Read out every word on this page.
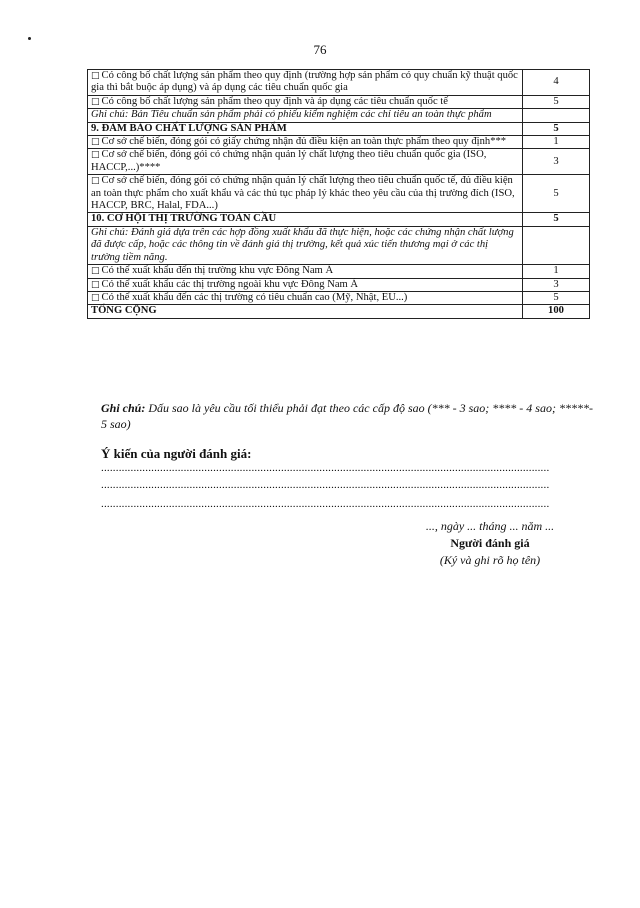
76
□ Có công bố chất lượng sản phẩm theo quy định (trường hợp sản phẩm có quy chuẩn kỹ thuật quốc gia thì bắt buộc áp dụng) và áp dụng các tiêu chuẩn quốc gia	4
□ Có công bố chất lượng sản phẩm theo quy định và áp dụng các tiêu chuẩn quốc tế	5
Ghi chú: Bản Tiêu chuẩn sản phẩm phải có phiếu kiểm nghiệm các chỉ tiêu an toàn thực phẩm	
9. ĐẢM BẢO CHẤT LƯỢNG SẢN PHẨM	5
□ Cơ sở chế biến, đóng gói có giấy chứng nhận đủ điều kiện an toàn thực phẩm theo quy định***	1
□ Cơ sở chế biến, đóng gói có chứng nhận quản lý chất lượng theo tiêu chuẩn quốc gia (ISO, HACCP,...)****	3
□ Cơ sở chế biến, đóng gói có chứng nhận quản lý chất lượng theo tiêu chuẩn quốc tế, đủ điều kiện an toàn thực phẩm cho xuất khẩu và các thủ tục pháp lý khác theo yêu cầu của thị trường đích (ISO, HACCP, BRC, Halal, FDA...)	5
10. CƠ HỘI THỊ TRƯỜNG TOÀN CẦU	5
Ghi chú: Đánh giá dựa trên các hợp đồng xuất khẩu đã thực hiện, hoặc các chứng nhận chất lượng đã được cấp, hoặc các thông tin về đánh giá thị trường, kết quả xúc tiến thương mại ở các thị trường tiềm năng.	
□ Có thể xuất khẩu đến thị trường khu vực Đông Nam Á	1
□ Có thể xuất khẩu các thị trường ngoài khu vực Đông Nam Á	3
□ Có thể xuất khẩu đến các thị trường có tiêu chuẩn cao (Mỹ, Nhật, EU...)	5
TỔNG CỘNG	100
Ghi chú: Dấu sao là yêu cầu tối thiểu phải đạt theo các cấp độ sao (*** - 3 sao; **** - 4 sao; *****- 5 sao)
Ý kiến của người đánh giá:
........................................................................................................................................................
........................................................................................................................................................
........................................................................................................................................................
..., ngày ... tháng ... năm ...
Người đánh giá
(Ký và ghi rõ họ tên)
